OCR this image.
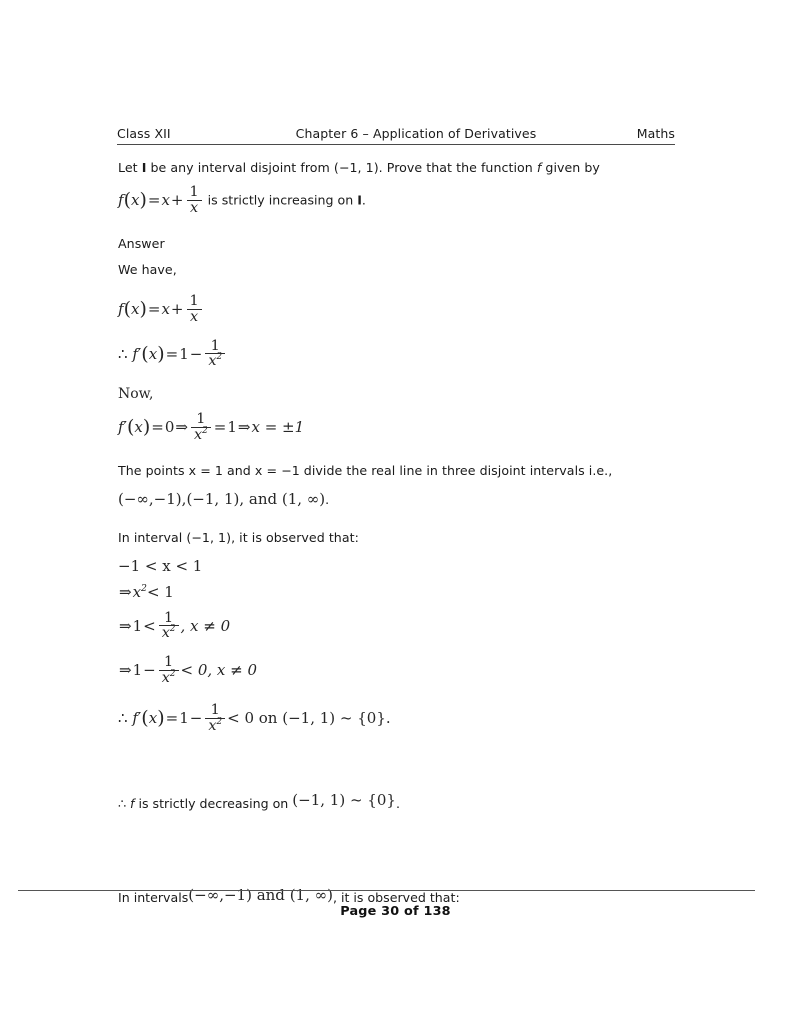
Class XII	Chapter 6 – Application of Derivatives	Maths

Let I be any interval disjoint from (−1, 1). Prove that the function f given by

$f(x)=x+ \frac{1}{x}$ is strictly increasing on I.

Answer

We have,

$f(x)=x+ \frac{1}{x}$
∴ $f'(x)=1- \frac{1}{x^2}$
Now,
f′(x)=0⇒ $\frac{1}{x^2}$ =1⇒x = ±1

The points x = 1 and x = −1 divide the real line in three disjoint intervals i.e.,

(−∞,−1),(−1, 1), and (1, ∞).

In interval (−1, 1), it is observed that:

−1 < x < 1
$\Rightarrow x^2< 1$
⇒1< $\frac{1}{x^2}$ , x ≠ 0
⇒1− $\frac{1}{x^2} < 0$, x ≠ 0
∴ $f'(x)=1- \frac{1}{x^2} < 0$ on (−1, 1) ~ {0}.
∴ f is strictly decreasing on (−1, 1) ~ {0}.
In intervals(−∞,−1) and (1, ∞), it is observed that:
Page 30 of 138
